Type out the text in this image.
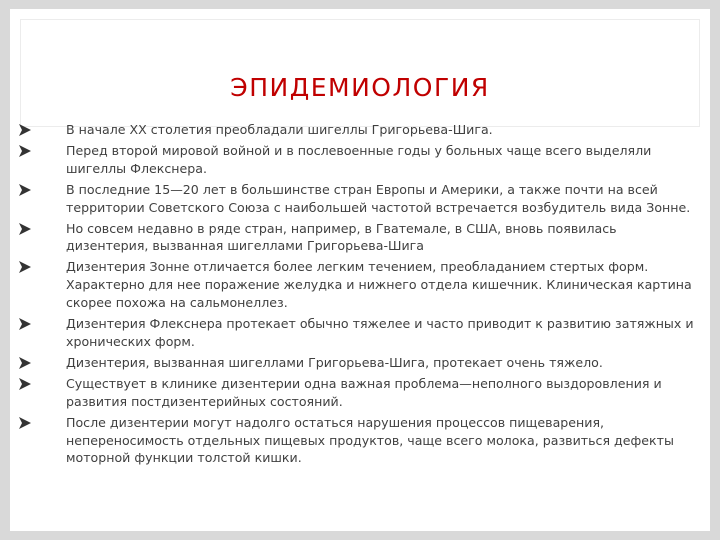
ЭПИДЕМИОЛОГИЯ
В начале XX столетия преобладали шигеллы Григорьева-Шига.
Перед второй мировой войной и в послевоенные годы у больных чаще всего выделяли шигеллы Флекснера.
В последние 15—20 лет в большинстве стран Европы и Америки, а также почти на всей территории Советского Союза с наибольшей частотой встречается возбудитель вида Зонне.
Но совсем недавно в ряде стран, например, в Гватемале, в США, вновь появилась дизентерия, вызванная шигеллами Григорьева-Шига
Дизентерия Зонне отличается более легким течением, преобладанием стертых форм. Характерно для нее поражение желудка и нижнего отдела кишечник. Клиническая картина скорее похожа на сальмонеллез.
Дизентерия Флекснера протекает обычно тяжелее и часто приводит к развитию затяжных и хронических форм.
Дизентерия, вызванная шигеллами Григорьева-Шига, протекает очень тяжело.
Существует в клинике дизентерии одна важная проблема—неполного выздоровления и развития постдизентерийных состояний.
После дизентерии могут надолго остаться нарушения процессов пищеварения, непереносимость отдельных пищевых продуктов, чаще всего молока, развиться дефекты моторной функции толстой кишки.
